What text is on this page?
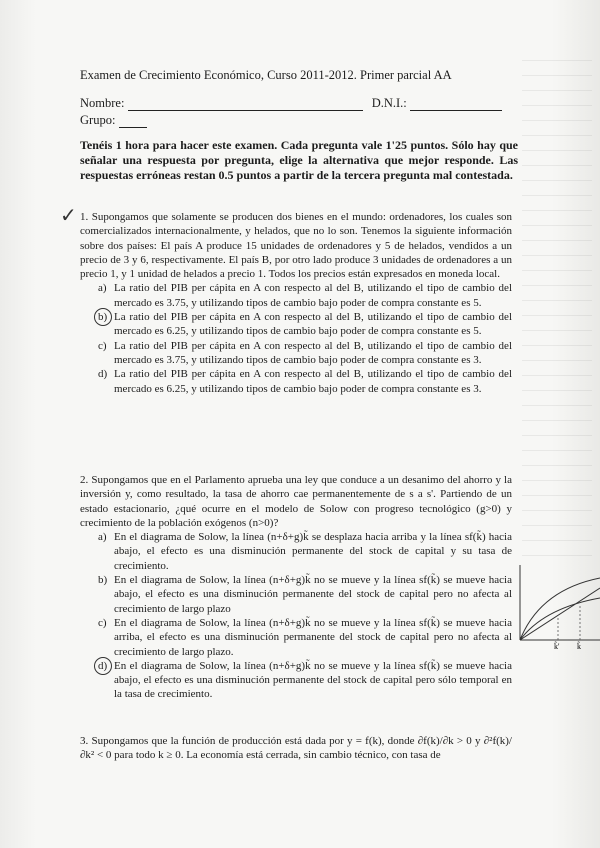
Examen de Crecimiento Económico, Curso 2011-2012. Primer parcial AA
Nombre:	D.N.I.:
Grupo:
Tenéis 1 hora para hacer este examen. Cada pregunta vale 1'25 puntos. Sólo hay que señalar una respuesta por pregunta, elige la alternativa que mejor responde. Las respuestas erróneas restan 0.5 puntos a partir de la tercera pregunta mal contestada.
✓ 1. Supongamos que solamente se producen dos bienes en el mundo: ordenadores, los cuales son comercializados internacionalmente, y helados, que no lo son. Tenemos la siguiente información sobre dos países: El país A produce 15 unidades de ordenadores y 5 de helados, vendidos a un precio de 3 y 6, respectivamente. El país B, por otro lado produce 3 unidades de ordenadores a un precio 1, y 1 unidad de helados a precio 1. Todos los precios están expresados en moneda local.
a) La ratio del PIB per cápita en A con respecto al del B, utilizando el tipo de cambio del mercado es 3.75, y utilizando tipos de cambio bajo poder de compra constante es 5.
b) La ratio del PIB per cápita en A con respecto al del B, utilizando el tipo de cambio del mercado es 6.25, y utilizando tipos de cambio bajo poder de compra constante es 5.
c) La ratio del PIB per cápita en A con respecto al del B, utilizando el tipo de cambio del mercado es 3.75, y utilizando tipos de cambio bajo poder de compra constante es 3.
d) La ratio del PIB per cápita en A con respecto al del B, utilizando el tipo de cambio del mercado es 6.25, y utilizando tipos de cambio bajo poder de compra constante es 3.
2. Supongamos que en el Parlamento aprueba una ley que conduce a un desanimo del ahorro y la inversión y, como resultado, la tasa de ahorro cae permanentemente de s a s'. Partiendo de un estado estacionario, ¿qué ocurre en el modelo de Solow con progreso tecnológico (g>0) y crecimiento de la población exógenos (n>0)?
a) En el diagrama de Solow, la línea (n+δ+g)k̃ se desplaza hacia arriba y la línea sf(k̃) hacia abajo, el efecto es una disminución permanente del stock de capital y su tasa de crecimiento.
b) En el diagrama de Solow, la línea (n+δ+g)k̃ no se mueve y la línea sf(k̃) se mueve hacia abajo, el efecto es una disminución permanente del stock de capital pero no afecta al crecimiento de largo plazo
c) En el diagrama de Solow, la línea (n+δ+g)k̃ no se mueve y la línea sf(k̃) se mueve hacia arriba, el efecto es una disminución permanente del stock de capital pero no afecta al crecimiento de largo plazo.
d) En el diagrama de Solow, la línea (n+δ+g)k̃ no se mueve y la línea sf(k̃) se mueve hacia abajo, el efecto es una disminución permanente del stock de capital pero sólo temporal en la tasa de crecimiento.
3. Supongamos que la función de producción está dada por y = f(k), donde ∂f(k)/∂k > 0 y ∂²f(k)/∂k² < 0 para todo k ≥ 0. La economía está cerrada, sin cambio técnico, con tasa de
k̃' k̃
